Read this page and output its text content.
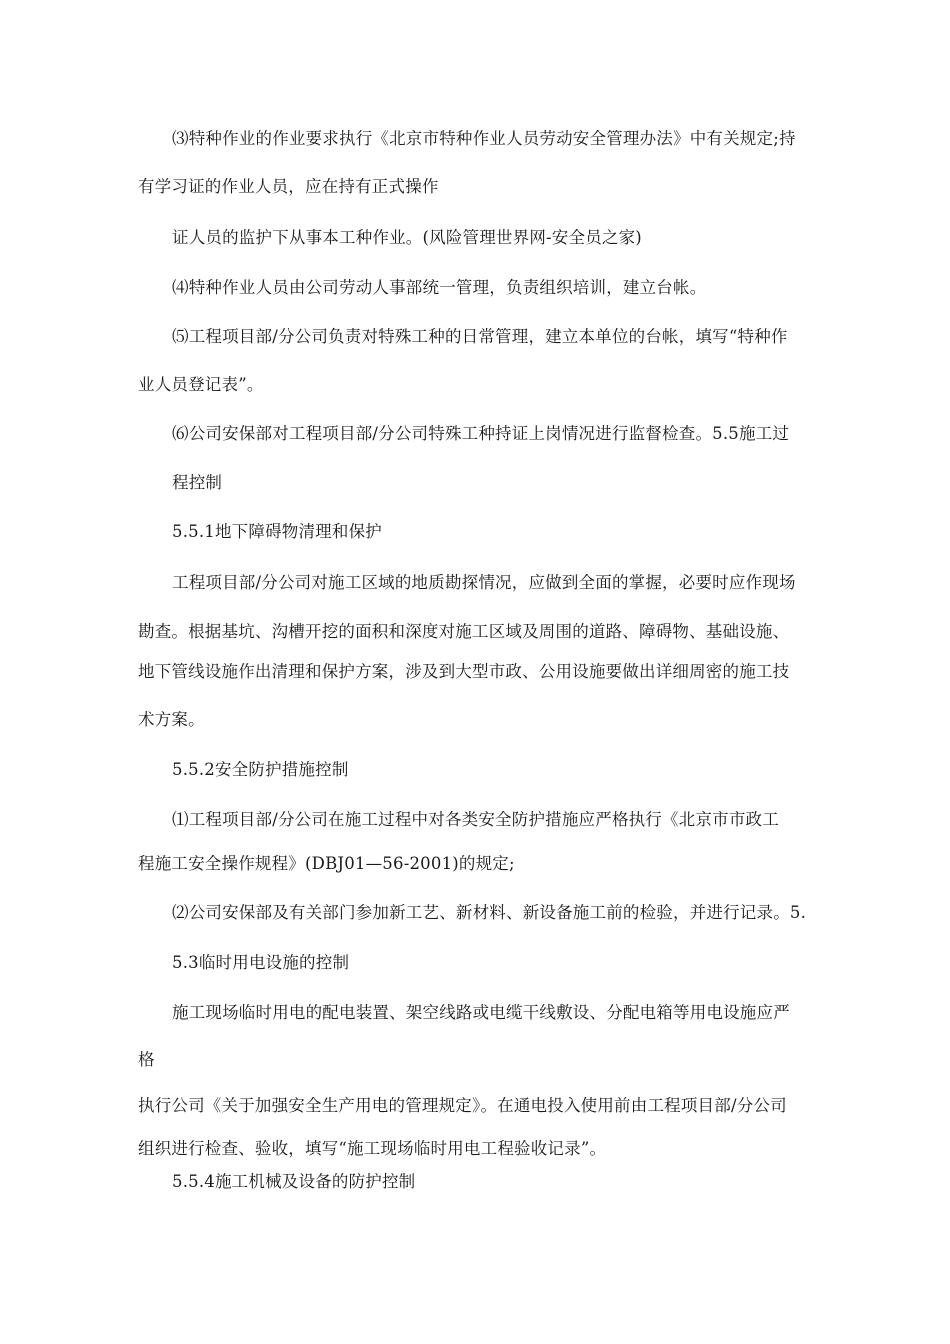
⑶特种作业的作业要求执行《北京市特种作业人员劳动安全管理办法》中有关规定;持
有学习证的作业人员，应在持有正式操作
证人员的监护下从事本工种作业。(风险管理世界网-安全员之家)
⑷特种作业人员由公司劳动人事部统一管理，负责组织培训，建立台帐。
⑸工程项目部/分公司负责对特殊工种的日常管理，建立本单位的台帐，填写“特种作
业人员登记表”。
⑹公司安保部对工程项目部/分公司特殊工种持证上岗情况进行监督检查。5.5施工过
程控制
5.5.1地下障碍物清理和保护
工程项目部/分公司对施工区域的地质勘探情况，应做到全面的掌握，必要时应作现场
勘查。根据基坑、沟槽开挖的面积和深度对施工区域及周围的道路、障碍物、基础设施、
地下管线设施作出清理和保护方案，涉及到大型市政、公用设施要做出详细周密的施工技
术方案。
5.5.2安全防护措施控制
⑴工程项目部/分公司在施工过程中对各类安全防护措施应严格执行《北京市市政工
程施工安全操作规程》(DBJ01—56-2001)的规定;
⑵公司安保部及有关部门参加新工艺、新材料、新设备施工前的检验，并进行记录。5.
5.3临时用电设施的控制
施工现场临时用电的配电装置、架空线路或电缆干线敷设、分配电箱等用电设施应严
格
执行公司《关于加强安全生产用电的管理规定》。在通电投入使用前由工程项目部/分公司
组织进行检查、验收，填写“施工现场临时用电工程验收记录”。
5.5.4施工机械及设备的防护控制
